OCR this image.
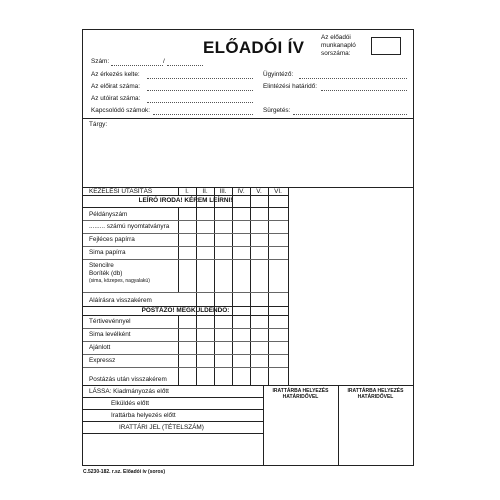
ELŐADÓI ÍV
Az előadói
munkanapló
sorszáma:
Szám:	/
Az érkezés kelte:	Ügyintéző:
Az előirat száma:	Elintézési határidő:
Az utóirat száma:
Kapcsolódó számok:	Sürgetés:
Tárgy:
KEZELÉSI UTASÍTÁS	I.	II.	III.	IV.	V.	VI.
LEÍRÓ IRODA! KÉREM LEÍRNI!
Példányszám
......... számú nyomtatványra
Fejléces papírra
Sima papírra
Stencilre
Boríték (db)
(sima, közepes, nagyalakú)
Aláírásra visszakérem
POSTÁZÓ! MEGKÜLDENDŐ:
Tértivevénnyel
Sima levélként
Ajánlott
Expressz
Postázás után visszakérem
LÁSSA: Kiadmányozás előtt
Elküldés előtt
Irattárba helyezés előtt
IRATTÁRI JEL (TÉTELSZÁM)
IRATTÁRBA HELYEZÉS
HATÁRIDŐVEL
IRATTÁRBA HELYEZÉS
HATÁRIDŐVEL
C.5230-182. r.sz. Előadói ív (soros)
